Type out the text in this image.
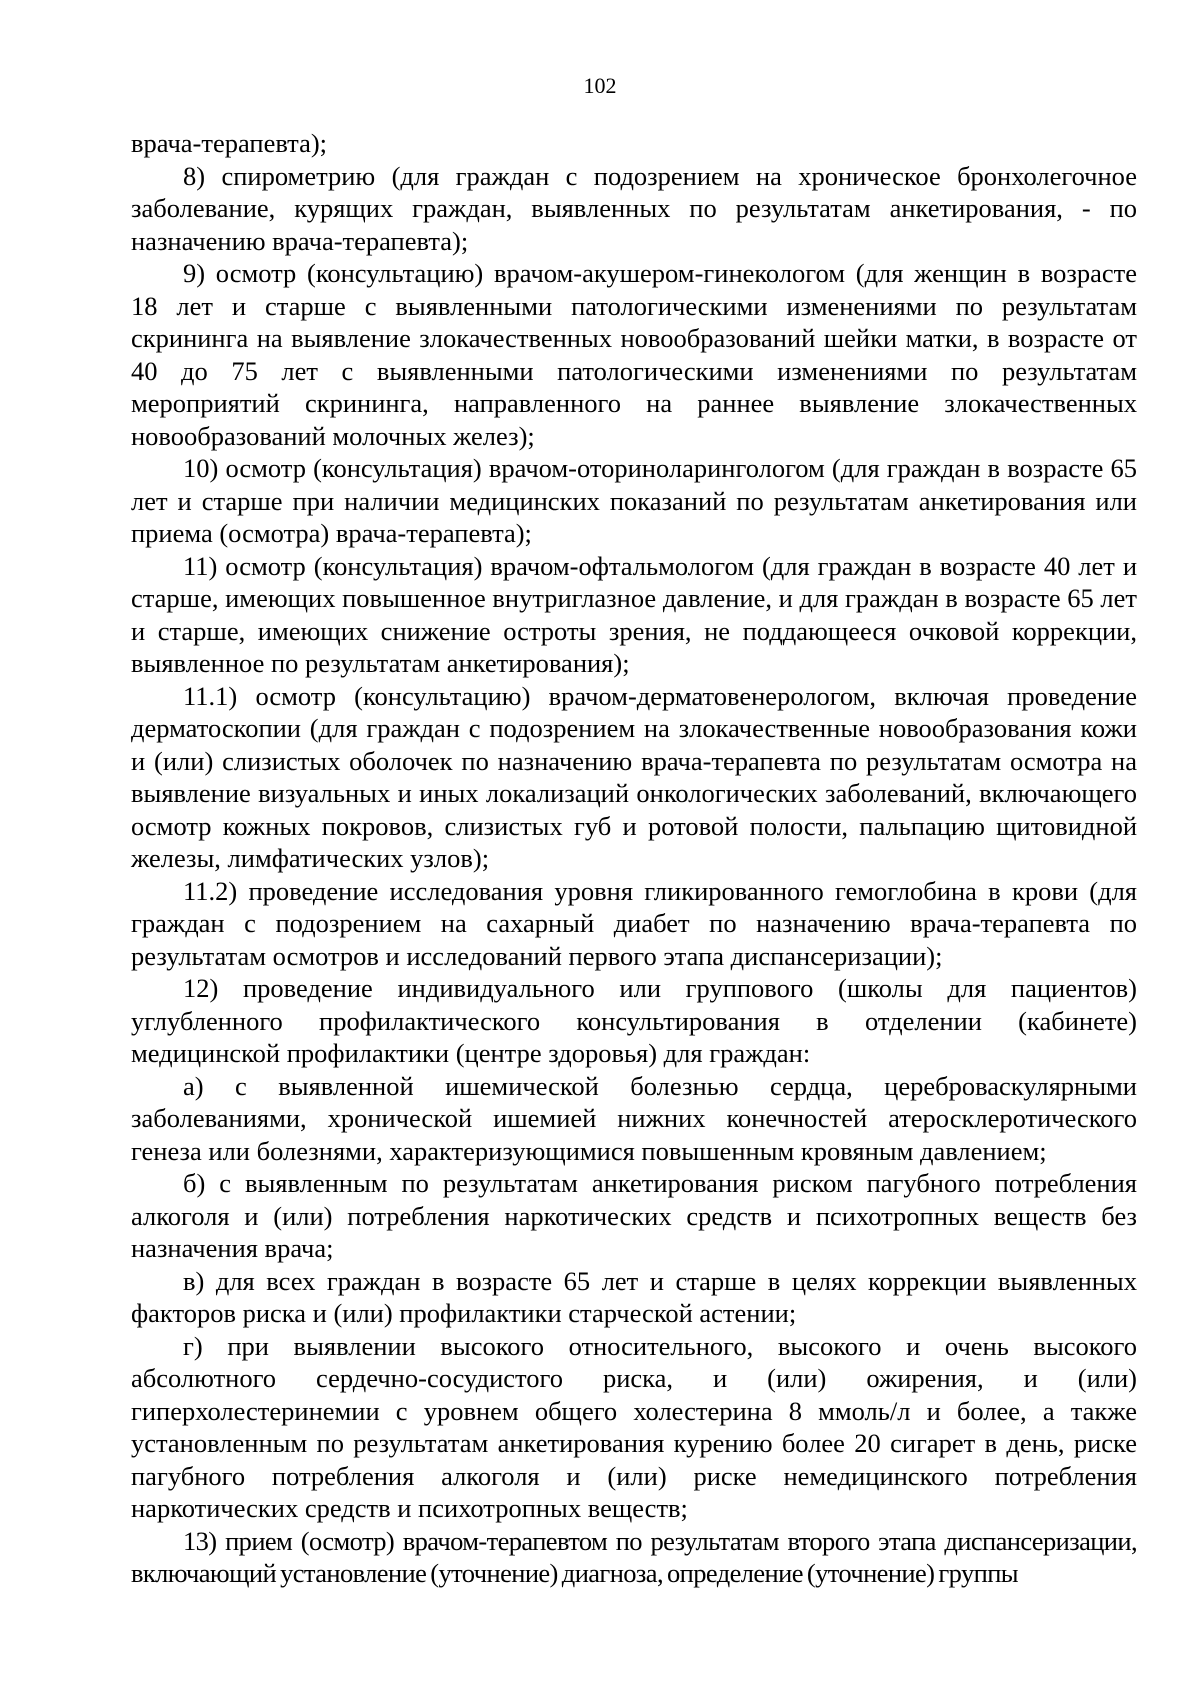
102

врача-терапевта);

8) спирометрию (для граждан с подозрением на хроническое бронхолегочное заболевание, курящих граждан, выявленных по результатам анкетирования, - по назначению врача-терапевта);

9) осмотр (консультацию) врачом-акушером-гинекологом (для женщин в возрасте 18 лет и старше с выявленными патологическими изменениями по результатам скрининга на выявление злокачественных новообразований шейки матки, в возрасте от 40 до 75 лет с выявленными патологическими изменениями по результатам мероприятий скрининга, направленного на раннее выявление злокачественных новообразований молочных желез);

10) осмотр (консультация) врачом-оториноларингологом (для граждан в возрасте 65 лет и старше при наличии медицинских показаний по результатам анкетирования или приема (осмотра) врача-терапевта);

11) осмотр (консультация) врачом-офтальмологом (для граждан в возрасте 40 лет и старше, имеющих повышенное внутриглазное давление, и для граждан в возрасте 65 лет и старше, имеющих снижение остроты зрения, не поддающееся очковой коррекции, выявленное по результатам анкетирования);

11.1) осмотр (консультацию) врачом-дерматовенерологом, включая проведение дерматоскопии (для граждан с подозрением на злокачественные новообразования кожи и (или) слизистых оболочек по назначению врача-терапевта по результатам осмотра на выявление визуальных и иных локализаций онкологических заболеваний, включающего осмотр кожных покровов, слизистых губ и ротовой полости, пальпацию щитовидной железы, лимфатических узлов);

11.2) проведение исследования уровня гликированного гемоглобина в крови (для граждан с подозрением на сахарный диабет по назначению врача-терапевта по результатам осмотров и исследований первого этапа диспансеризации);

12) проведение индивидуального или группового (школы для пациентов) углубленного профилактического консультирования в отделении (кабинете) медицинской профилактики (центре здоровья) для граждан:

а) с выявленной ишемической болезнью сердца, цереброваскулярными заболеваниями, хронической ишемией нижних конечностей атеросклеротического генеза или болезнями, характеризующимися повышенным кровяным давлением;

б) с выявленным по результатам анкетирования риском пагубного потребления алкоголя и (или) потребления наркотических средств и психотропных веществ без назначения врача;

в) для всех граждан в возрасте 65 лет и старше в целях коррекции выявленных факторов риска и (или) профилактики старческой астении;

г) при выявлении высокого относительного, высокого и очень высокого абсолютного сердечно-сосудистого риска, и (или) ожирения, и (или) гиперхолестеринемии с уровнем общего холестерина 8 ммоль/л и более, а также установленным по результатам анкетирования курению более 20 сигарет в день, риске пагубного потребления алкоголя и (или) риске немедицинского потребления наркотических средств и психотропных веществ;

13) прием (осмотр) врачом-терапевтом по результатам второго этапа диспансеризации, включающий установление (уточнение) диагноза, определение (уточнение) группы
